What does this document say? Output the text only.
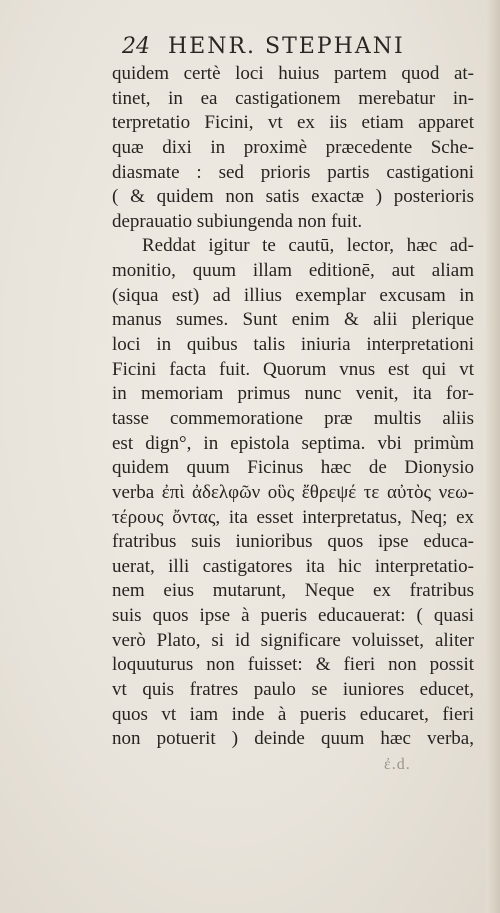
24 HENR. STEPHANI
quidem certè loci huius partem quod at-
tinet, in ea castigationem merebatur in-
terpretatio Ficini, vt ex iis etiam apparet
quæ dixi in proximè præcedente Sche-
diasmate : sed prioris partis castigationi
( & quidem non satis exactæ ) posterioris
deprauatio subiungenda non fuit.
Reddat igitur te cautū, lector, hæc ad-
monitio, quum illam editionē, aut aliam
(siqua est) ad illius exemplar excusam in
manus sumes. Sunt enim & alii plerique
loci in quibus talis iniuria interpretationi
Ficini facta fuit. Quorum vnus est qui vt
in memoriam primus nunc venit, ita for-
tasse commemoratione præ multis aliis
est dign°, in epistola septima. vbi primùm
quidem quum Ficinus hæc de Dionysio
verba ἐπὶ ἀδελφῶν οὓς ἔθρεψέ τε αὐτὸς νεω-
τέρους ὄντας, ita esset interpretatus, Neq; ex
fratribus suis iunioribus quos ipse educa-
uerat, illi castigatores ita hic interpretatio-
nem eius mutarunt, Neque ex fratribus
suis quos ipse à pueris educauerat: ( quasi
verò Plato, si id significare voluisset, aliter
loquuturus non fuisset: & fieri non possit
vt quis fratres paulo se iuniores educet,
quos vt iam inde à pueris educaret, fieri
non potuerit ) deinde quum hæc verba,
ἐ.d.
